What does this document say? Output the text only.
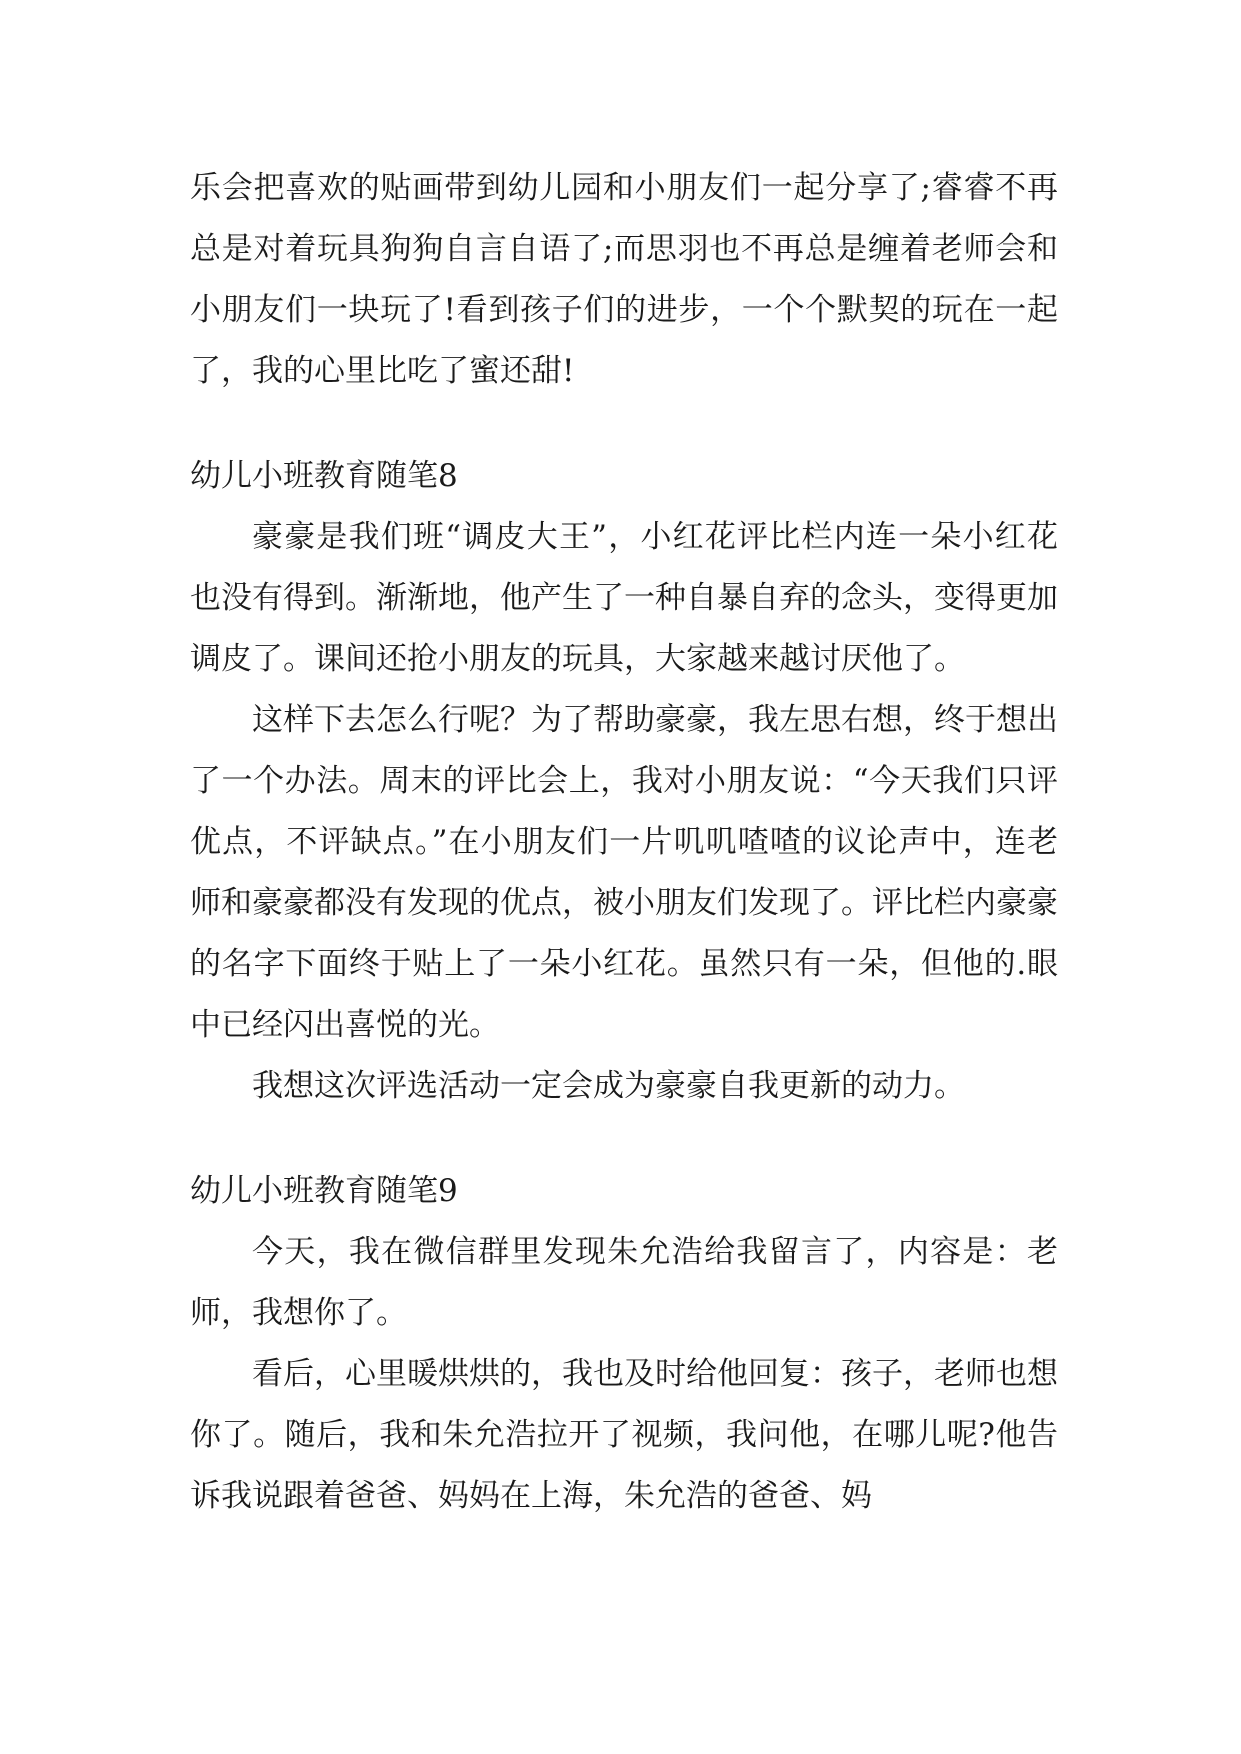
乐会把喜欢的贴画带到幼儿园和小朋友们一起分享了;睿睿不再总是对着玩具狗狗自言自语了;而思羽也不再总是缠着老师会和小朋友们一块玩了!看到孩子们的进步，一个个默契的玩在一起了，我的心里比吃了蜜还甜!

幼儿小班教育随笔8

豪豪是我们班“调皮大王”，小红花评比栏内连一朵小红花也没有得到。渐渐地，他产生了一种自暴自弃的念头，变得更加调皮了。课间还抢小朋友的玩具，大家越来越讨厌他了。

这样下去怎么行呢？为了帮助豪豪，我左思右想，终于想出了一个办法。周末的评比会上，我对小朋友说：“今天我们只评优点，不评缺点。”在小朋友们一片叽叽喳喳的议论声中，连老师和豪豪都没有发现的优点，被小朋友们发现了。评比栏内豪豪的名字下面终于贴上了一朵小红花。虽然只有一朵，但他的.眼中已经闪出喜悦的光。

我想这次评选活动一定会成为豪豪自我更新的动力。

幼儿小班教育随笔9

今天，我在微信群里发现朱允浩给我留言了，内容是：老师，我想你了。

看后，心里暖烘烘的，我也及时给他回复：孩子，老师也想你了。随后，我和朱允浩拉开了视频，我问他，在哪儿呢?他告诉我说跟着爸爸、妈妈在上海，朱允浩的爸爸、妈
